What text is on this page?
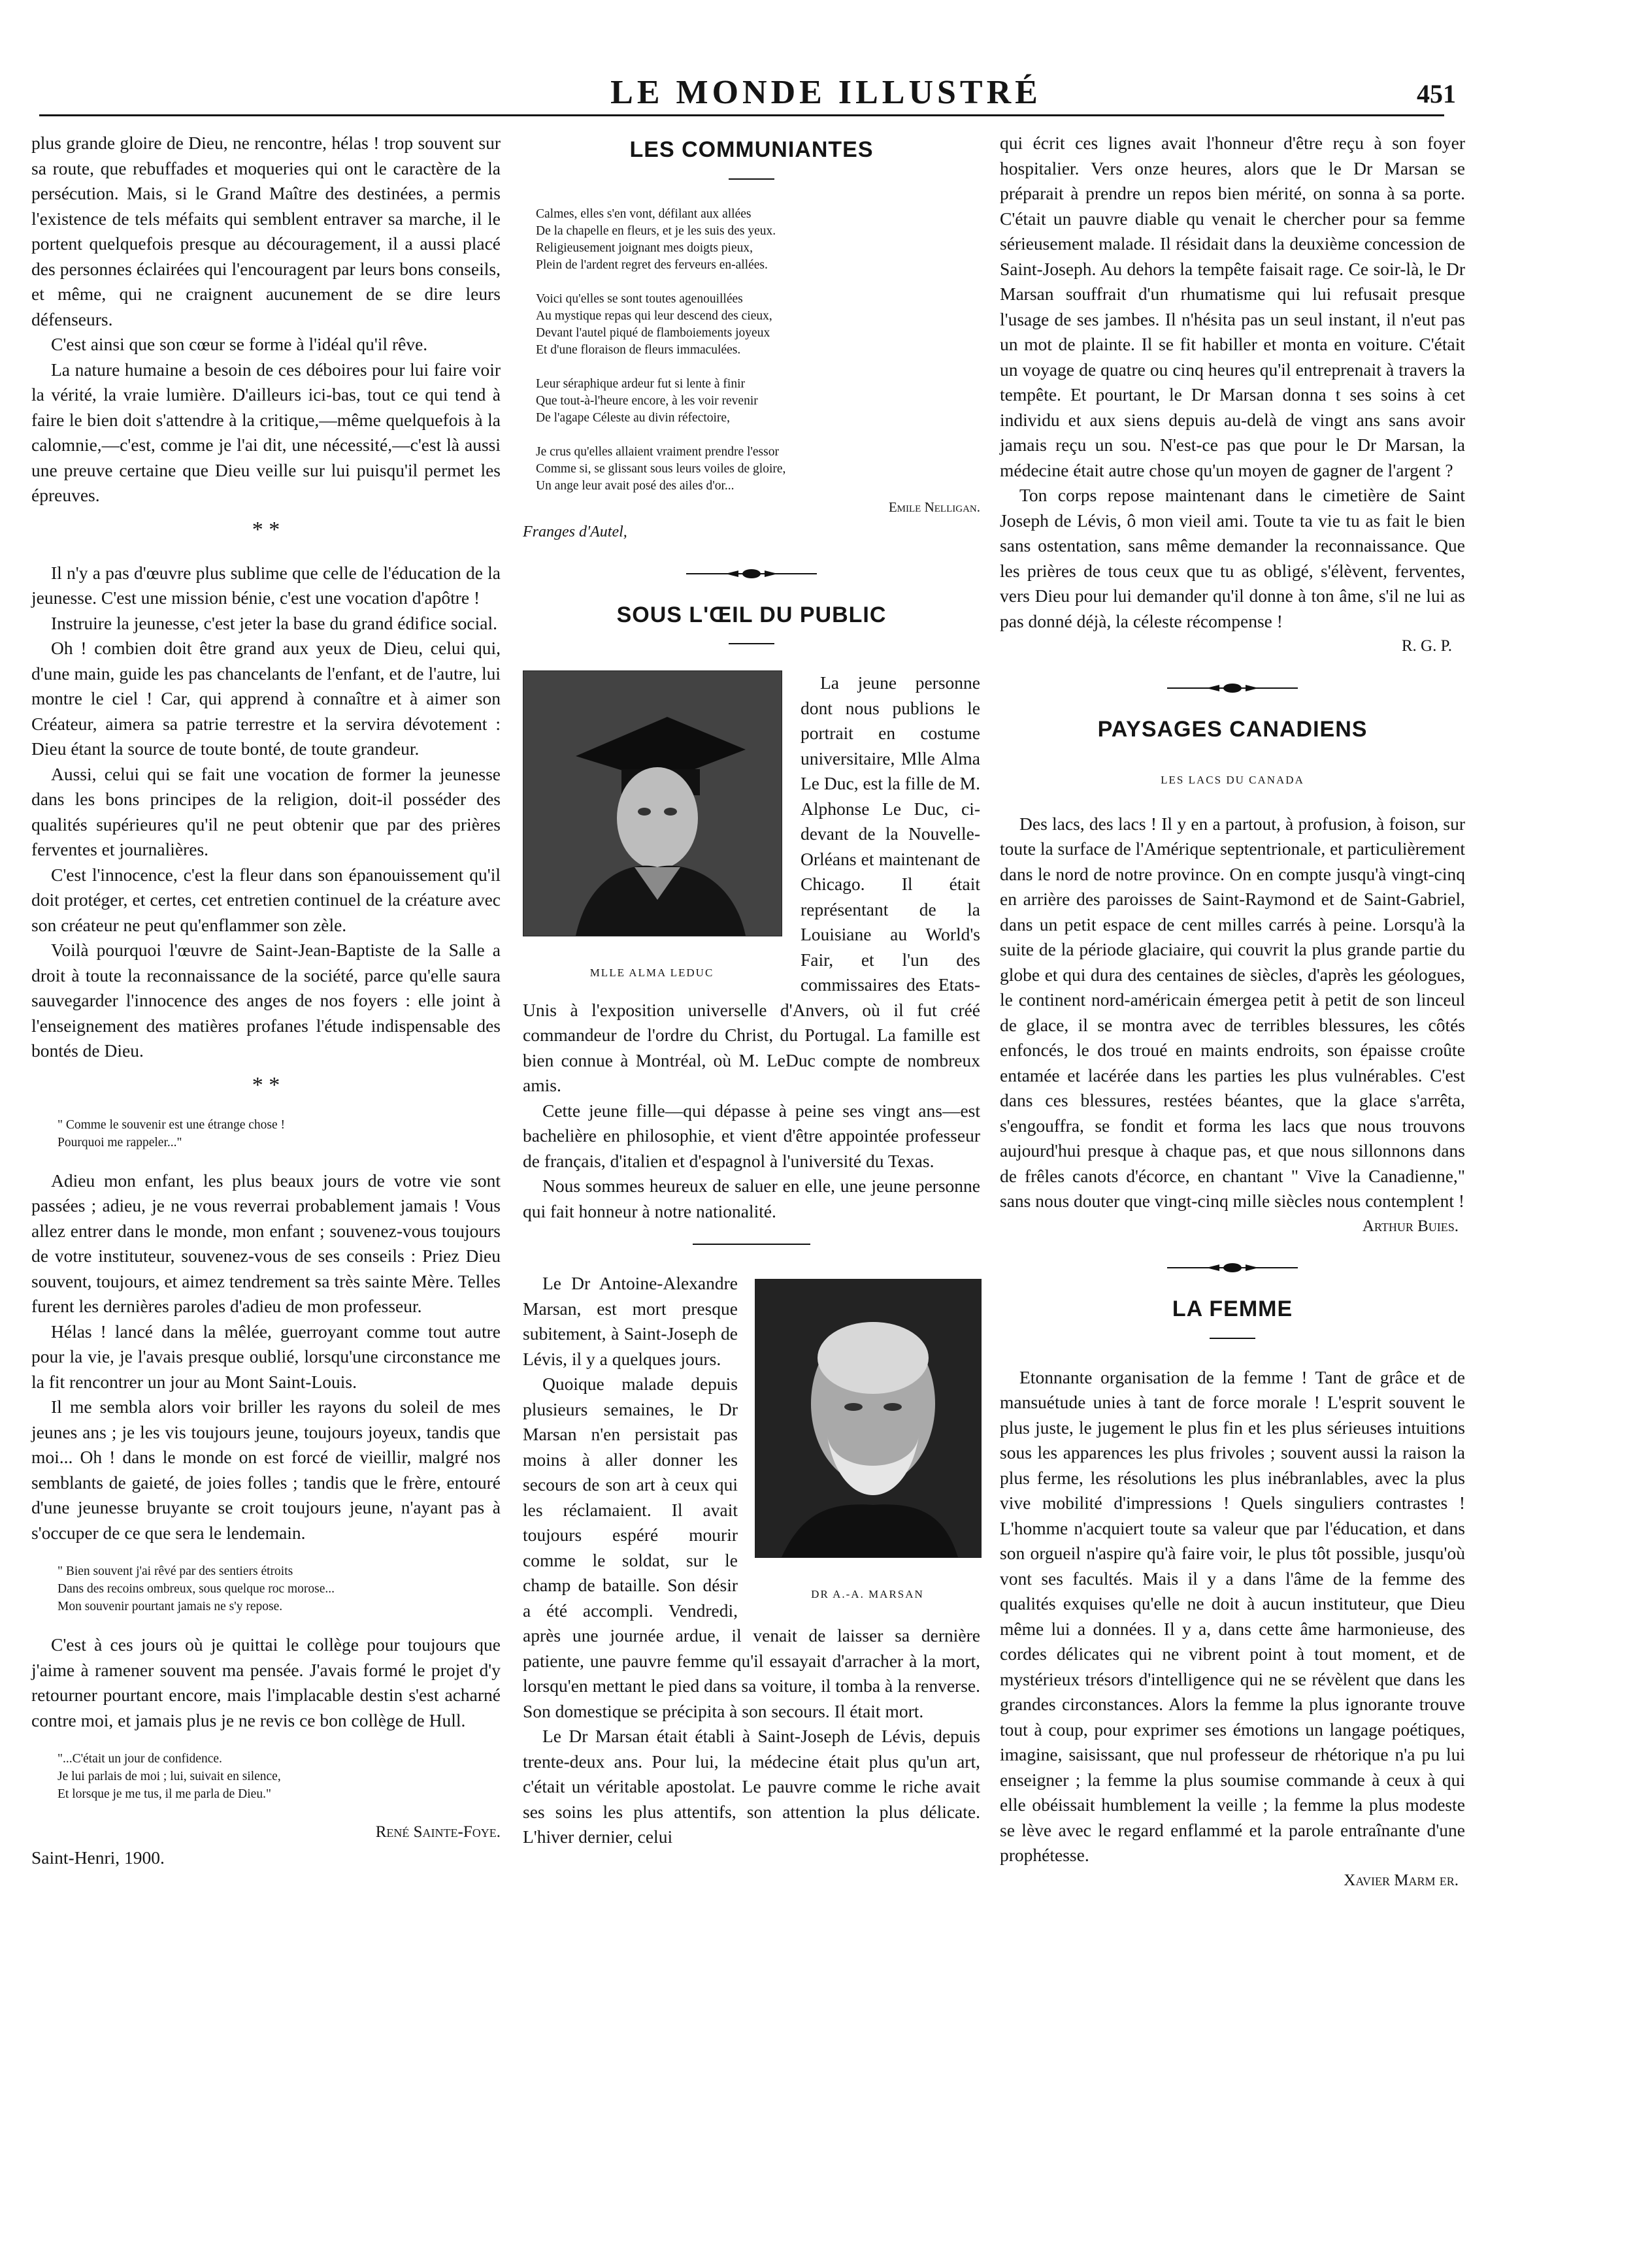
LE MONDE ILLUSTRÉ	451

plus grande gloire de Dieu, ne rencontre, hélas ! trop souvent sur sa route, que rebuffades et moqueries qui ont le caractère de la persécution. Mais, si le Grand Maître des destinées, a permis l'existence de tels méfaits qui semblent entraver sa marche, il le portent quelquefois presque au découragement, il a aussi placé des personnes éclairées qui l'encouragent par leurs bons conseils, et même, qui ne craignent aucunement de se dire leurs défenseurs.

C'est ainsi que son cœur se forme à l'idéal qu'il rêve.

La nature humaine a besoin de ces déboires pour lui faire voir la vérité, la vraie lumière. D'ailleurs ici-bas, tout ce qui tend à faire le bien doit s'attendre à la critique,—même quelquefois à la calomnie,—c'est, comme je l'ai dit, une nécessité,—c'est là aussi une preuve certaine que Dieu veille sur lui puisqu'il permet les épreuves.

* *

Il n'y a pas d'œuvre plus sublime que celle de l'éducation de la jeunesse. C'est une mission bénie, c'est une vocation d'apôtre !

Instruire la jeunesse, c'est jeter la base du grand édifice social.

Oh ! combien doit être grand aux yeux de Dieu, celui qui, d'une main, guide les pas chancelants de l'enfant, et de l'autre, lui montre le ciel ! Car, qui apprend à connaître et à aimer son Créateur, aimera sa patrie terrestre et la servira dévotement : Dieu étant la source de toute bonté, de toute grandeur.

Aussi, celui qui se fait une vocation de former la jeunesse dans les bons principes de la religion, doit-il posséder des qualités supérieures qu'il ne peut obtenir que par des prières ferventes et journalières.

C'est l'innocence, c'est la fleur dans son épanouissement qu'il doit protéger, et certes, cet entretien continuel de la créature avec son créateur ne peut qu'enflammer son zèle.

Voilà pourquoi l'œuvre de Saint-Jean-Baptiste de la Salle a droit à toute la reconnaissance de la société, parce qu'elle saura sauvegarder l'innocence des anges de nos foyers : elle joint à l'enseignement des matières profanes l'étude indispensable des bontés de Dieu.

* *
" Comme le souvenir est une étrange chose !
Pourquoi me rappeler..."

Adieu mon enfant, les plus beaux jours de votre vie sont passées ; adieu, je ne vous reverrai probablement jamais ! Vous allez entrer dans le monde, mon enfant ; souvenez-vous toujours de votre instituteur, souvenez-vous de ses conseils : Priez Dieu souvent, toujours, et aimez tendrement sa très sainte Mère. Telles furent les dernières paroles d'adieu de mon professeur.

Hélas ! lancé dans la mêlée, guerroyant comme tout autre pour la vie, je l'avais presque oublié, lorsqu'une circonstance me la fit rencontrer un jour au Mont Saint-Louis.

Il me sembla alors voir briller les rayons du soleil de mes jeunes ans ; je les vis toujours jeune, toujours joyeux, tandis que moi... Oh ! dans le monde on est forcé de vieillir, malgré nos semblants de gaieté, de joies folles ; tandis que le frère, entouré d'une jeunesse bruyante se croit toujours jeune, n'ayant pas à s'occuper de ce que sera le lendemain.

" Bien souvent j'ai rêvé par des sentiers étroits
Dans des recoins ombreux, sous quelque roc morose...
Mon souvenir pourtant jamais ne s'y repose.

C'est à ces jours où je quittai le collège pour toujours que j'aime à ramener souvent ma pensée. J'avais formé le projet d'y retourner pourtant encore, mais l'implacable destin s'est acharné contre moi, et jamais plus je ne revis ce bon collège de Hull.

"...C'était un jour de confidence.
Je lui parlais de moi ; lui, suivait en silence,
Et lorsque je me tus, il me parla de Dieu."
René Sainte-Foye.

Saint-Henri, 1900.

LES COMMUNIANTES
Calmes, elles s'en vont, défilant aux allées
De la chapelle en fleurs, et je les suis des yeux.
Religieusement joignant mes doigts pieux,
Plein de l'ardent regret des ferveurs en-allées.
Voici qu'elles se sont toutes agenouillées
Au mystique repas qui leur descend des cieux,
Devant l'autel piqué de flamboiements joyeux
Et d'une floraison de fleurs immaculées.
Leur séraphique ardeur fut si lente à finir
Que tout-à-l'heure encore, à les voir revenir
De l'agape Céleste au divin réfectoire,
Je crus qu'elles allaient vraiment prendre l'essor
Comme si, se glissant sous leurs voiles de gloire,
Un ange leur avait posé des ailes d'or...
Emile Nelligan.
Franges d'Autel,
SOUS L'ŒIL DU PUBLIC
MLLE ALMA LEDUC

La jeune personne dont nous publions le portrait en costume universitaire, Mlle Alma Le Duc, est la fille de M. Alphonse Le Duc, ci-devant de la Nouvelle-Orléans et maintenant de Chicago. Il était représentant de la Louisiane au World's Fair, et l'un des commissaires des Etats-Unis à l'exposition universelle d'Anvers, où il fut créé commandeur de l'ordre du Christ, du Portugal. La famille est bien connue à Montréal, où M. LeDuc compte de nombreux amis.

Cette jeune fille—qui dépasse à peine ses vingt ans—est bachelière en philosophie, et vient d'être appointée professeur de français, d'italien et d'espagnol à l'université du Texas.

Nous sommes heureux de saluer en elle, une jeune personne qui fait honneur à notre nationalité.

DR A.-A. MARSAN

Le Dr Antoine-Alexandre Marsan, est mort presque subitement, à Saint-Joseph de Lévis, il y a quelques jours.

Quoique malade depuis plusieurs semaines, le Dr Marsan n'en persistait pas moins à aller donner les secours de son art à ceux qui les réclamaient. Il avait toujours espéré mourir comme le soldat, sur le champ de bataille. Son désir a été accompli. Vendredi, après une journée ardue, il venait de laisser sa dernière patiente, une pauvre femme qu'il essayait d'arracher à la mort, lorsqu'en mettant le pied dans sa voiture, il tomba à la renverse. Son domestique se précipita à son secours. Il était mort.

Le Dr Marsan était établi à Saint-Joseph de Lévis, depuis trente-deux ans. Pour lui, la médecine était plus qu'un art, c'était un véritable apostolat. Le pauvre comme le riche avait ses soins les plus attentifs, son attention la plus délicate. L'hiver dernier, celui

qui écrit ces lignes avait l'honneur d'être reçu à son foyer hospitalier. Vers onze heures, alors que le Dr Marsan se préparait à prendre un repos bien mérité, on sonna à sa porte. C'était un pauvre diable qu venait le chercher pour sa femme sérieusement malade. Il résidait dans la deuxième concession de Saint-Joseph. Au dehors la tempête faisait rage. Ce soir-là, le Dr Marsan souffrait d'un rhumatisme qui lui refusait presque l'usage de ses jambes. Il n'hésita pas un seul instant, il n'eut pas un mot de plainte. Il se fit habiller et monta en voiture. C'était un voyage de quatre ou cinq heures qu'il entreprenait à travers la tempête. Et pourtant, le Dr Marsan donna t ses soins à cet individu et aux siens depuis au-delà de vingt ans sans avoir jamais reçu un sou. N'est-ce pas que pour le Dr Marsan, la médecine était autre chose qu'un moyen de gagner de l'argent ?

Ton corps repose maintenant dans le cimetière de Saint Joseph de Lévis, ô mon vieil ami. Toute ta vie tu as fait le bien sans ostentation, sans même demander la reconnaissance. Que les prières de tous ceux que tu as obligé, s'élèvent, ferventes, vers Dieu pour lui demander qu'il donne à ton âme, s'il ne lui as pas donné déjà, la céleste récompense !

R. G. P.
PAYSAGES CANADIENS
LES LACS DU CANADA

Des lacs, des lacs ! Il y en a partout, à profusion, à foison, sur toute la surface de l'Amérique septentrionale, et particulièrement dans le nord de notre province. On en compte jusqu'à vingt-cinq en arrière des paroisses de Saint-Raymond et de Saint-Gabriel, dans un petit espace de cent milles carrés à peine. Lorsqu'à la suite de la période glaciaire, qui couvrit la plus grande partie du globe et qui dura des centaines de siècles, d'après les géologues, le continent nord-américain émergea petit à petit de son linceul de glace, il se montra avec de terribles blessures, les côtés enfoncés, le dos troué en maints endroits, son épaisse croûte entamée et lacérée dans les parties les plus vulnérables. C'est dans ces blessures, restées béantes, que la glace s'arrêta, s'engouffra, se fondit et forma les lacs que nous trouvons aujourd'hui presque à chaque pas, et que nous sillonnons dans de frêles canots d'écorce, en chantant " Vive la Canadienne," sans nous douter que vingt-cinq mille siècles nous contemplent !

Arthur Buies.
LA FEMME

Etonnante organisation de la femme ! Tant de grâce et de mansuétude unies à tant de force morale ! L'esprit souvent le plus juste, le jugement le plus fin et les plus sérieuses intuitions sous les apparences les plus frivoles ; souvent aussi la raison la plus ferme, les résolutions les plus inébranlables, avec la plus vive mobilité d'impressions ! Quels singuliers contrastes ! L'homme n'acquiert toute sa valeur que par l'éducation, et dans son orgueil n'aspire qu'à faire voir, le plus tôt possible, jusqu'où vont ses facultés. Mais il y a dans l'âme de la femme des qualités exquises qu'elle ne doit à aucun instituteur, que Dieu même lui a données. Il y a, dans cette âme harmonieuse, des cordes délicates qui ne vibrent point à tout moment, et de mystérieux trésors d'intelligence qui ne se révèlent que dans les grandes circonstances. Alors la femme la plus ignorante trouve tout à coup, pour exprimer ses émotions un langage poétiques, imagine, saisissant, que nul professeur de rhétorique n'a pu lui enseigner ; la femme la plus soumise commande à ceux à qui elle obéissait humblement la veille ; la femme la plus modeste se lève avec le regard enflammé et la parole entraînante d'une prophétesse.

Xavier Marm er.
